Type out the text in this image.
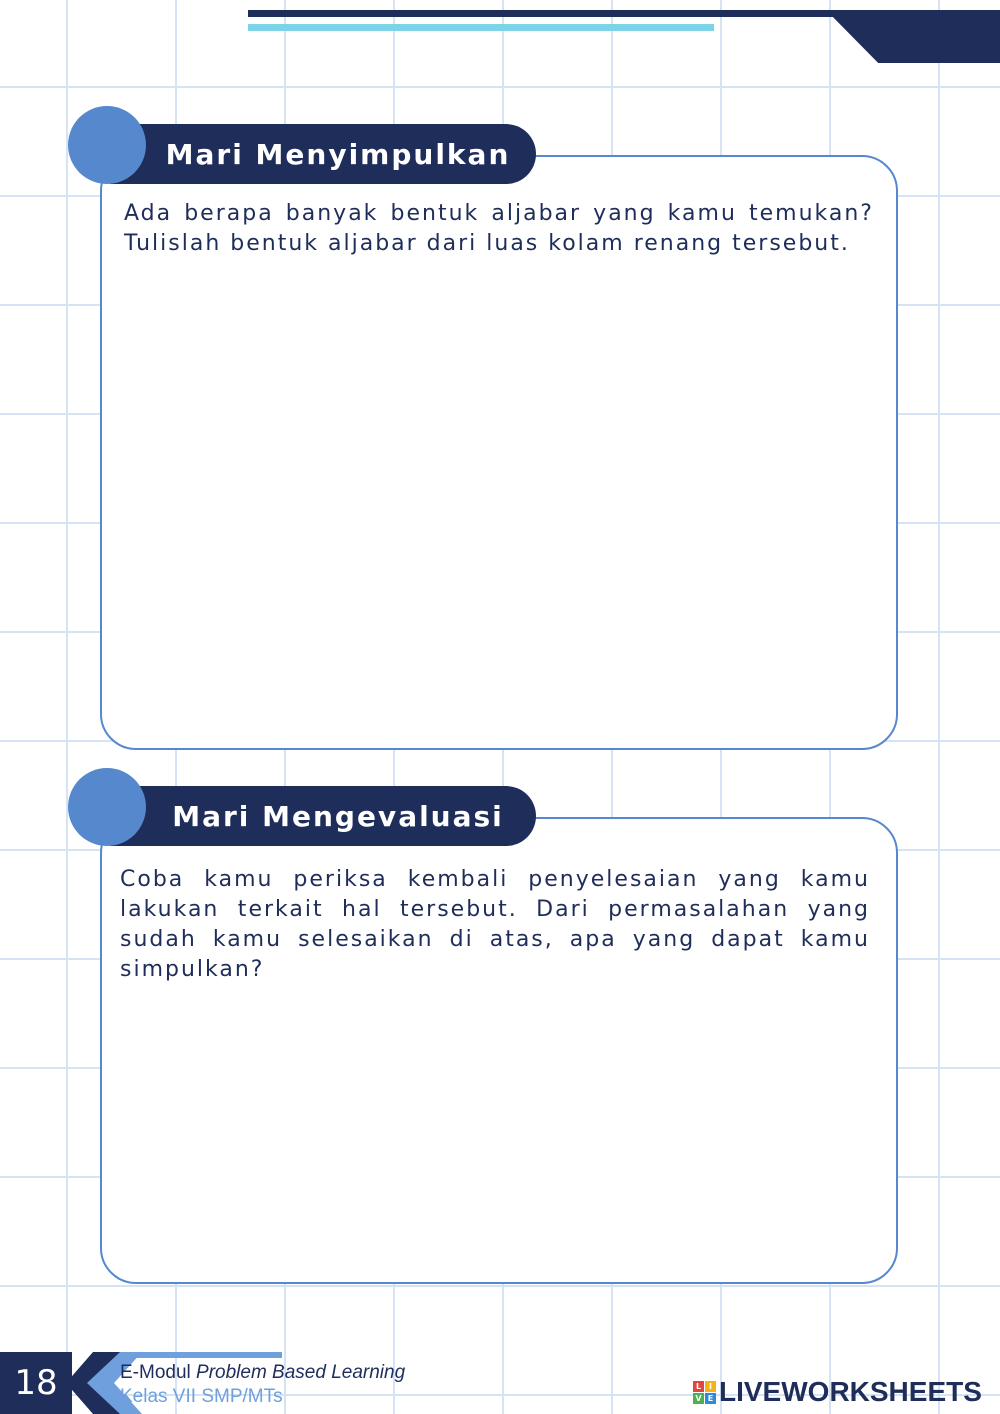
Ada berapa banyak bentuk aljabar yang kamu temukan? Tulislah bentuk aljabar dari luas kolam renang tersebut.

Mari Menyimpulkan

Coba kamu periksa kembali penyelesaian yang kamu lakukan terkait hal tersebut. Dari permasalahan yang sudah kamu selesaikan di atas, apa yang dapat kamu simpulkan?

Mari Mengevaluasi
18	E-Modul Problem Based Learning
Kelas VII SMP/MTs	L I
V E LIVEWORKSHEETS
